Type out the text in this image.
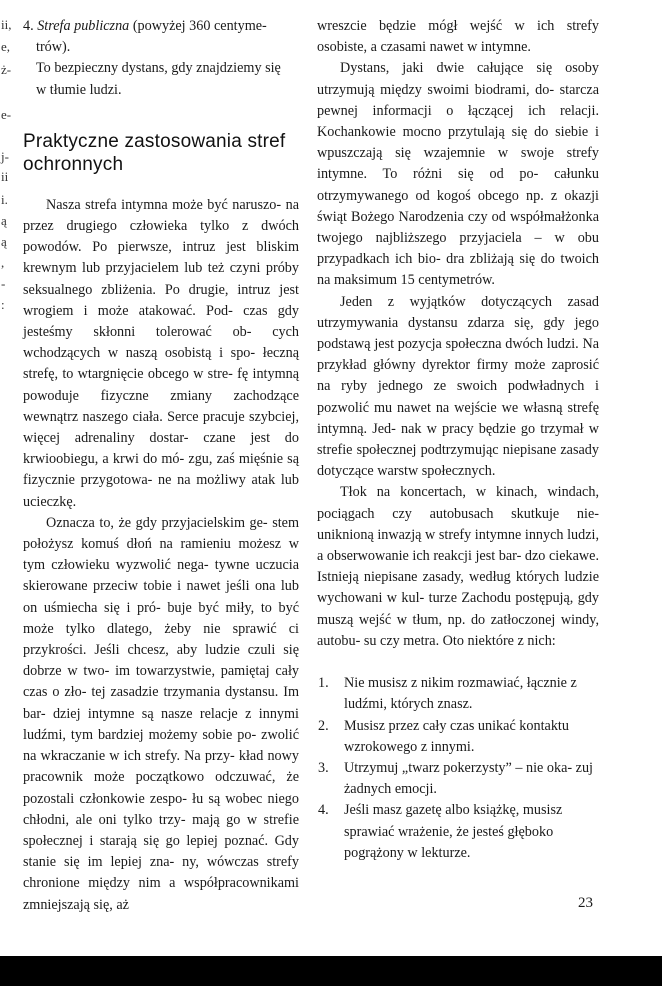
ii,
e,
ż-
e-
j-
ii
i.
ą
ą
,
-
:

4. Strefa publiczna (powyżej 360 centyme-

trów).

To bezpieczny dystans, gdy znajdziemy się
w tłumie ludzi.

Praktyczne zastosowania stref ochronnych

Nasza strefa intymna może być naruszo- na przez drugiego człowieka tylko z dwóch powodów. Po pierwsze, intruz jest bliskim krewnym lub przyjacielem lub też czyni próby seksualnego zbliżenia. Po drugie, intruz jest wrogiem i może atakować. Pod- czas gdy jesteśmy skłonni tolerować ob- cych wchodzących w naszą osobistą i spo- łeczną strefę, to wtargnięcie obcego w stre- fę intymną powoduje fizyczne zmiany zachodzące wewnątrz naszego ciała. Serce pracuje szybciej, więcej adrenaliny dostar- czane jest do krwioobiegu, a krwi do mó- zgu, zaś mięśnie są fizycznie przygotowa- ne na możliwy atak lub ucieczkę.

Oznacza to, że gdy przyjacielskim ge- stem położysz komuś dłoń na ramieniu możesz w tym człowieku wyzwolić nega- tywne uczucia skierowane przeciw tobie i nawet jeśli ona lub on uśmiecha się i pró- buje być miły, to być może tylko dlatego, żeby nie sprawić ci przykrości. Jeśli chcesz, aby ludzie czuli się dobrze w two- im towarzystwie, pamiętaj cały czas o zło- tej zasadzie trzymania dystansu. Im bar- dziej intymne są nasze relacje z innymi ludźmi, tym bardziej możemy sobie po- zwolić na wkraczanie w ich strefy. Na przy- kład nowy pracownik może początkowo odczuwać, że pozostali członkowie zespo- łu są wobec niego chłodni, ale oni tylko trzy- mają go w strefie społecznej i starają się go lepiej poznać. Gdy stanie się im lepiej zna- ny, wówczas strefy chronione między nim a współpracownikami zmniejszają się, aż

wreszcie będzie mógł wejść w ich strefy osobiste, a czasami nawet w intymne.

Dystans, jaki dwie całujące się osoby utrzymują między swoimi biodrami, do- starcza pewnej informacji o łączącej ich relacji. Kochankowie mocno przytulają się do siebie i wpuszczają się wzajemnie w swoje strefy intymne. To różni się od po- całunku otrzymywanego od kogoś obcego np. z okazji świąt Bożego Narodzenia czy od współmałżonka twojego najbliższego przyjaciela – w obu przypadkach ich bio- dra zbliżają się do twoich na maksimum 15 centymetrów.

Jeden z wyjątków dotyczących zasad utrzymywania dystansu zdarza się, gdy jego podstawą jest pozycja społeczna dwóch ludzi. Na przykład główny dyrektor firmy może zaprosić na ryby jednego ze swoich podwładnych i pozwolić mu nawet na wejście we własną strefę intymną. Jed- nak w pracy będzie go trzymał w strefie społecznej podtrzymując niepisane zasady dotyczące warstw społecznych.

Tłok na koncertach, w kinach, windach, pociągach czy autobusach skutkuje nie- uniknioną inwazją w strefy intymne innych ludzi, a obserwowanie ich reakcji jest bar- dzo ciekawe. Istnieją niepisane zasady, według których ludzie wychowani w kul- turze Zachodu postępują, gdy muszą wejść w tłum, np. do zatłoczonej windy, autobu- su czy metra. Oto niektóre z nich:

1. Nie musisz z nikim rozmawiać, łącznie z ludźmi, których znasz.
2. Musisz przez cały czas unikać kontaktu wzrokowego z innymi.
3. Utrzymuj „twarz pokerzysty” – nie oka- zuj żadnych emocji.
4. Jeśli masz gazetę albo książkę, musisz sprawiać wrażenie, że jesteś głęboko pogrążony w lekturze.
23
